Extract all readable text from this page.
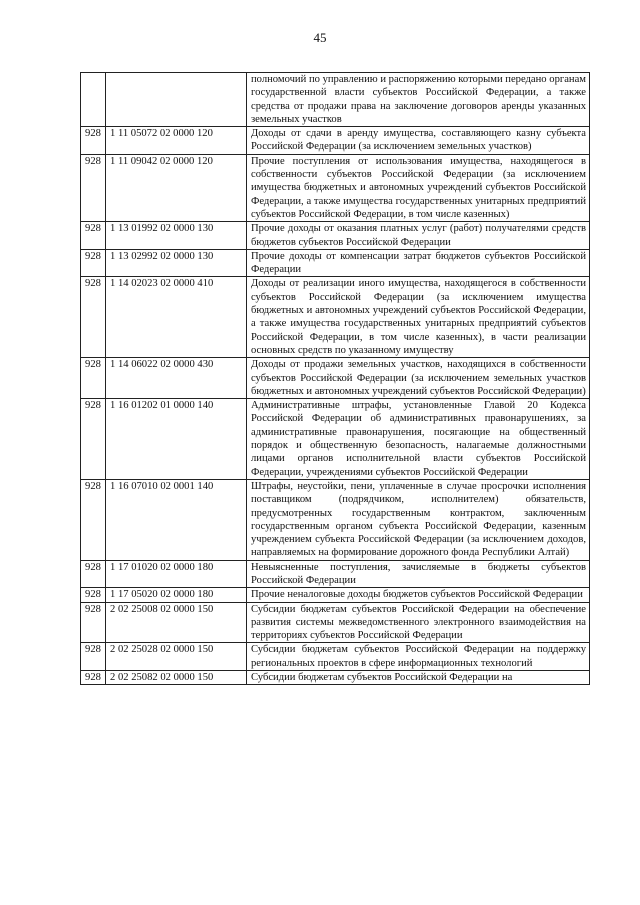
45
		полномочий по управлению и распоряжению которыми передано органам государственной власти субъектов Российской Федерации, а также средства от продажи права на заключение договоров аренды указанных земельных участков
928	1 11 05072 02 0000 120	Доходы от сдачи в аренду имущества, составляющего казну субъекта Российской Федерации (за исключением земельных участков)
928	1 11 09042 02 0000 120	Прочие поступления от использования имущества, находящегося в собственности субъектов Российской Федерации (за исключением имущества бюджетных и автономных учреждений субъектов Российской Федерации, а также имущества государственных унитарных предприятий субъектов Российской Федерации, в том числе казенных)
928	1 13 01992 02 0000 130	Прочие доходы от оказания платных услуг (работ) получателями средств бюджетов субъектов Российской Федерации
928	1 13 02992 02 0000 130	Прочие доходы от компенсации затрат бюджетов субъектов Российской Федерации
928	1 14 02023 02 0000 410	Доходы от реализации иного имущества, находящегося в собственности субъектов Российской Федерации (за исключением имущества бюджетных и автономных учреждений субъектов Российской Федерации, а также имущества государственных унитарных предприятий субъектов Российской Федерации, в том числе казенных), в части реализации основных средств по указанному имуществу
928	1 14 06022 02 0000 430	Доходы от продажи земельных участков, находящихся в собственности субъектов Российской Федерации (за исключением земельных участков бюджетных и автономных учреждений субъектов Российской Федерации)
928	1 16 01202 01 0000 140	Административные штрафы, установленные Главой 20 Кодекса Российской Федерации об административных правонарушениях, за административные правонарушения, посягающие на общественный порядок и общественную безопасность, налагаемые должностными лицами органов исполнительной власти субъектов Российской Федерации, учреждениями субъектов Российской Федерации
928	1 16 07010 02 0001 140	Штрафы, неустойки, пени, уплаченные в случае просрочки исполнения поставщиком (подрядчиком, исполнителем) обязательств, предусмотренных государственным контрактом, заключенным государственным органом субъекта Российской Федерации, казенным учреждением субъекта Российской Федерации (за исключением доходов, направляемых на формирование дорожного фонда Республики Алтай)
928	1 17 01020 02 0000 180	Невыясненные поступления, зачисляемые в бюджеты субъектов Российской Федерации
928	1 17 05020 02 0000 180	Прочие неналоговые доходы бюджетов субъектов Российской Федерации
928	2 02 25008 02 0000 150	Субсидии бюджетам субъектов Российской Федерации на обеспечение развития системы межведомственного электронного взаимодействия на территориях субъектов Российской Федерации
928	2 02 25028 02 0000 150	Субсидии бюджетам субъектов Российской Федерации на поддержку региональных проектов в сфере информационных технологий
928	2 02 25082 02 0000 150	Субсидии бюджетам субъектов Российской Федерации на
